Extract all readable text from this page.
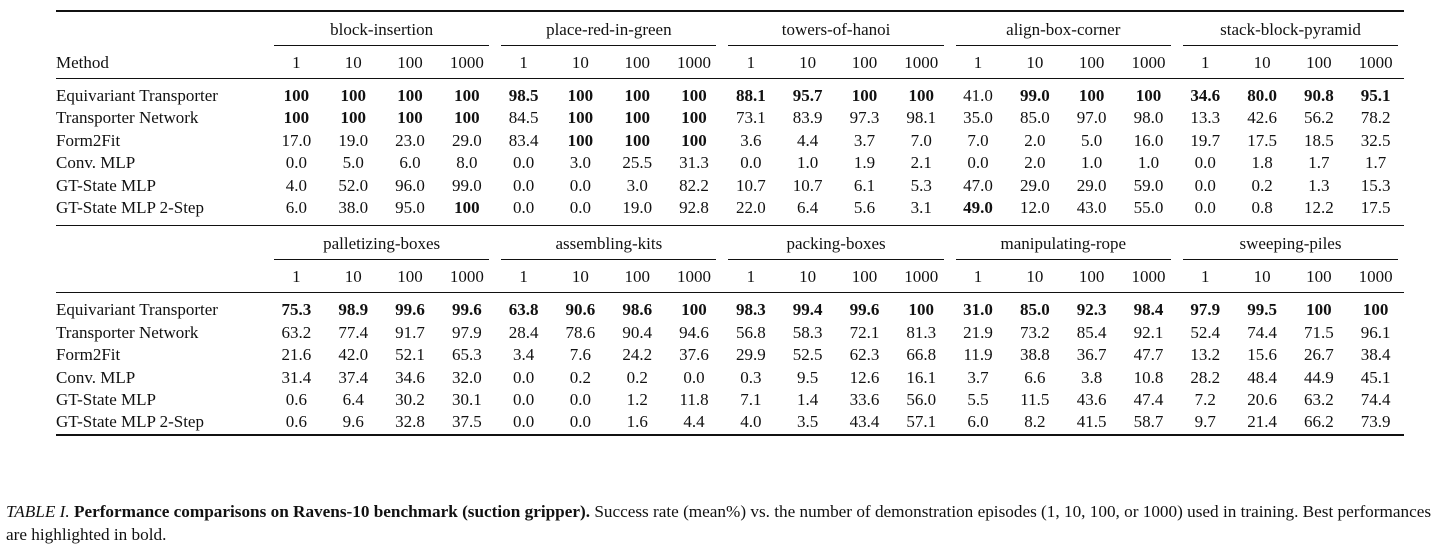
	block-insertion				place-red-in-green				towers-of-hanoi				align-box-corner				stack-block-pyramid			

Method	1	10	100	1000	1	10	100	1000	1	10	100	1000	1	10	100	1000	1	10	100	1000

Equivariant Transporter	100	100	100	100	98.5	100	100	100	88.1	95.7	100	100	41.0	99.0	100	100	34.6	80.0	90.8	95.1
Transporter Network	100	100	100	100	84.5	100	100	100	73.1	83.9	97.3	98.1	35.0	85.0	97.0	98.0	13.3	42.6	56.2	78.2
Form2Fit	17.0	19.0	23.0	29.0	83.4	100	100	100	3.6	4.4	3.7	7.0	7.0	2.0	5.0	16.0	19.7	17.5	18.5	32.5
Conv. MLP	0.0	5.0	6.0	8.0	0.0	3.0	25.5	31.3	0.0	1.0	1.9	2.1	0.0	2.0	1.0	1.0	0.0	1.8	1.7	1.7
GT-State MLP	4.0	52.0	96.0	99.0	0.0	0.0	3.0	82.2	10.7	10.7	6.1	5.3	47.0	29.0	29.0	59.0	0.0	0.2	1.3	15.3
GT-State MLP 2-Step	6.0	38.0	95.0	100	0.0	0.0	19.0	92.8	22.0	6.4	5.6	3.1	49.0	12.0	43.0	55.0	0.0	0.8	12.2	17.5

	palletizing-boxes				assembling-kits				packing-boxes				manipulating-rope				sweeping-piles			

	1	10	100	1000	1	10	100	1000	1	10	100	1000	1	10	100	1000	1	10	100	1000

Equivariant Transporter	75.3	98.9	99.6	99.6	63.8	90.6	98.6	100	98.3	99.4	99.6	100	31.0	85.0	92.3	98.4	97.9	99.5	100	100
Transporter Network	63.2	77.4	91.7	97.9	28.4	78.6	90.4	94.6	56.8	58.3	72.1	81.3	21.9	73.2	85.4	92.1	52.4	74.4	71.5	96.1
Form2Fit	21.6	42.0	52.1	65.3	3.4	7.6	24.2	37.6	29.9	52.5	62.3	66.8	11.9	38.8	36.7	47.7	13.2	15.6	26.7	38.4
Conv. MLP	31.4	37.4	34.6	32.0	0.0	0.2	0.2	0.0	0.3	9.5	12.6	16.1	3.7	6.6	3.8	10.8	28.2	48.4	44.9	45.1
GT-State MLP	0.6	6.4	30.2	30.1	0.0	0.0	1.2	11.8	7.1	1.4	33.6	56.0	5.5	11.5	43.6	47.4	7.2	20.6	63.2	74.4
GT-State MLP 2-Step	0.6	9.6	32.8	37.5	0.0	0.0	1.6	4.4	4.0	3.5	43.4	57.1	6.0	8.2	41.5	58.7	9.7	21.4	66.2	73.9
TABLE I. Performance comparisons on Ravens-10 benchmark (suction gripper). Success rate (mean%) vs. the number of demonstration episodes (1, 10, 100, or 1000) used in training. Best performances are highlighted in bold.
